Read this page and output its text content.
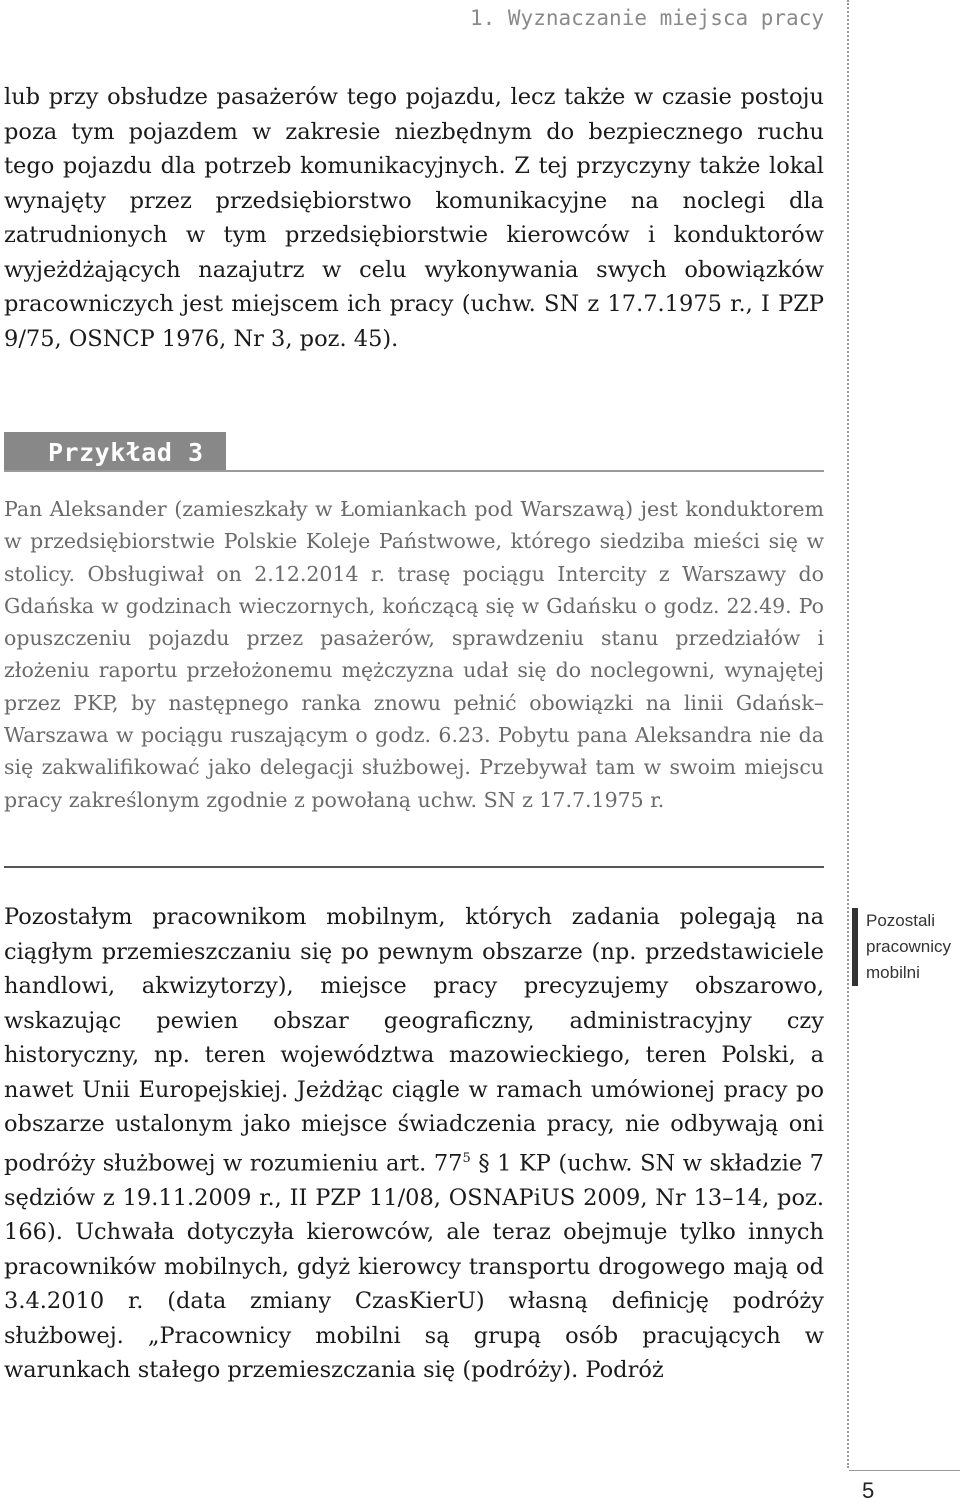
1. Wyznaczanie miejsca pracy

lub przy obsłudze pasażerów tego pojazdu, lecz także w czasie postoju poza tym pojazdem w zakresie niezbędnym do bezpiecznego ruchu tego pojazdu dla potrzeb komunikacyjnych. Z tej przyczyny także lokal wynajęty przez przedsiębiorstwo komunikacyjne na noclegi dla zatrudnionych w tym przedsiębiorstwie kierowców i konduktorów wyjeżdżających nazajutrz w celu wykonywania swych obowiązków pracowniczych jest miejscem ich pracy (uchw. SN z 17.7.1975 r., I PZP 9/75, OSNCP 1976, Nr 3, poz. 45).

Przykład 3

Pan Aleksander (zamieszkały w Łomiankach pod Warszawą) jest konduktorem w przedsiębiorstwie Polskie Koleje Państwowe, którego siedziba mieści się w stolicy. Obsługiwał on 2.12.2014 r. trasę pociągu Intercity z Warszawy do Gdańska w godzinach wieczornych, kończącą się w Gdańsku o godz. 22.49. Po opuszczeniu pojazdu przez pasażerów, sprawdzeniu stanu przedziałów i złożeniu raportu przełożonemu mężczyzna udał się do noclegowni, wynajętej przez PKP, by następnego ranka znowu pełnić obowiązki na linii Gdańsk–Warszawa w pociągu ruszającym o godz. 6.23. Pobytu pana Aleksandra nie da się zakwalifikować jako delegacji służbowej. Przebywał tam w swoim miejscu pracy zakreślonym zgodnie z powołaną uchw. SN z 17.7.1975 r.

Pozostałym pracownikom mobilnym, których zadania polegają na ciągłym przemieszczaniu się po pewnym obszarze (np. przedstawiciele handlowi, akwizytorzy), miejsce pracy precyzujemy obszarowo, wskazując pewien obszar geograficzny, administracyjny czy historyczny, np. teren województwa mazowieckiego, teren Polski, a nawet Unii Europejskiej. Jeżdżąc ciągle w ramach umówionej pracy po obszarze ustalonym jako miejsce świadczenia pracy, nie odbywają oni podróży służbowej w rozumieniu art. $77^5$ § 1 KP (uchw. SN w składzie 7 sędziów z 19.11.2009 r., II PZP 11/08, OSNAPiUS 2009, Nr 13–14, poz. 166). Uchwała dotyczyła kierowców, ale teraz obejmuje tylko innych pracowników mobilnych, gdyż kierowcy transportu drogowego mają od 3.4.2010 r. (data zmiany CzasKierU) własną definicję podróży służbowej. „Pracownicy mobilni są grupą osób pracujących w warunkach stałego przemieszczania się (podróży). Podróż

Pozostali
pracownicy
mobilni
5
